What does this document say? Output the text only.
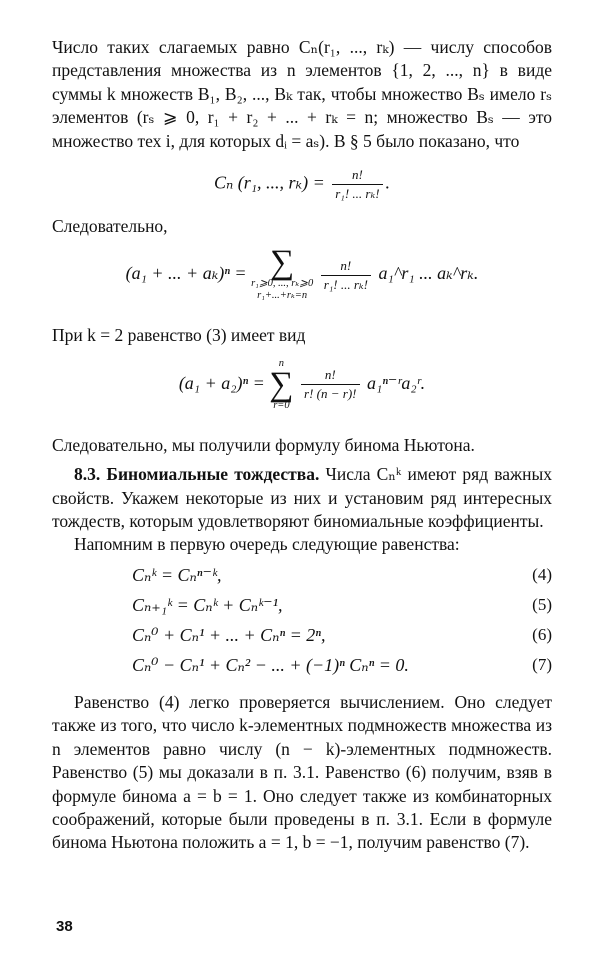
Число таких слагаемых равно Cₙ(r₁, ..., rₖ) — числу способов представления множества из n элементов {1, 2, ..., n} в виде суммы k множеств B₁, B₂, ..., Bₖ так, чтобы множество Bₛ имело rₛ элементов (rₛ ⩾ 0, r₁ + r₂ + ... + rₖ = n; множество Bₛ — это множество тех i, для которых dᵢ = aₛ). В § 5 было показано, что

Cₙ (r₁, ..., $r_k) = \frac{n!}{\text{r₁! ... rₖ!}}$ .

Следовательно,

(a₁ + ... + aₖ)ⁿ = ∑
r₁⩾0, ..., rₖ⩾0
r₁+...+rₖ=n

$\frac{n!}{\text{r₁! ... rₖ!}}$ a₁^r₁ ... aₖ^rₖ.

При k = 2 равенство (3) имеет вид

(a₁ + a₂)ⁿ =
n
∑
r=0

$\frac{n!}{r! (n - r)!}$ a₁ⁿ⁻ʳa₂ʳ.

Следовательно, мы получили формулу бинома Ньютона.

8.3. Биномиальные тождества. Числа Cₙᵏ имеют ряд важных свойств. Укажем некоторые из них и установим ряд интересных тождеств, которым удовлетворяют биномиальные коэффициенты.

Напомним в первую очередь следующие равенства:

Cₙᵏ = Cₙⁿ⁻ᵏ,	(4)
Cₙ₊₁ᵏ = Cₙᵏ + Cₙᵏ⁻¹,	(5)
Cₙ⁰ + Cₙ¹ + ... + Cₙⁿ = 2ⁿ,	(6)
Cₙ⁰ − Cₙ¹ + Cₙ² − ... + (−1)ⁿ Cₙⁿ = 0.	(7)

Равенство (4) легко проверяется вычислением. Оно следует также из того, что число k-элементных подмножеств множества из n элементов равно числу (n − k)-элементных подмножеств. Равенство (5) мы доказали в п. 3.1. Равенство (6) получим, взяв в формуле бинома a = b = 1. Оно следует также из комбинаторных соображений, которые были проведены в п. 3.1. Если в формуле бинома Ньютона положить a = 1, b = −1, получим равенство (7).

38
